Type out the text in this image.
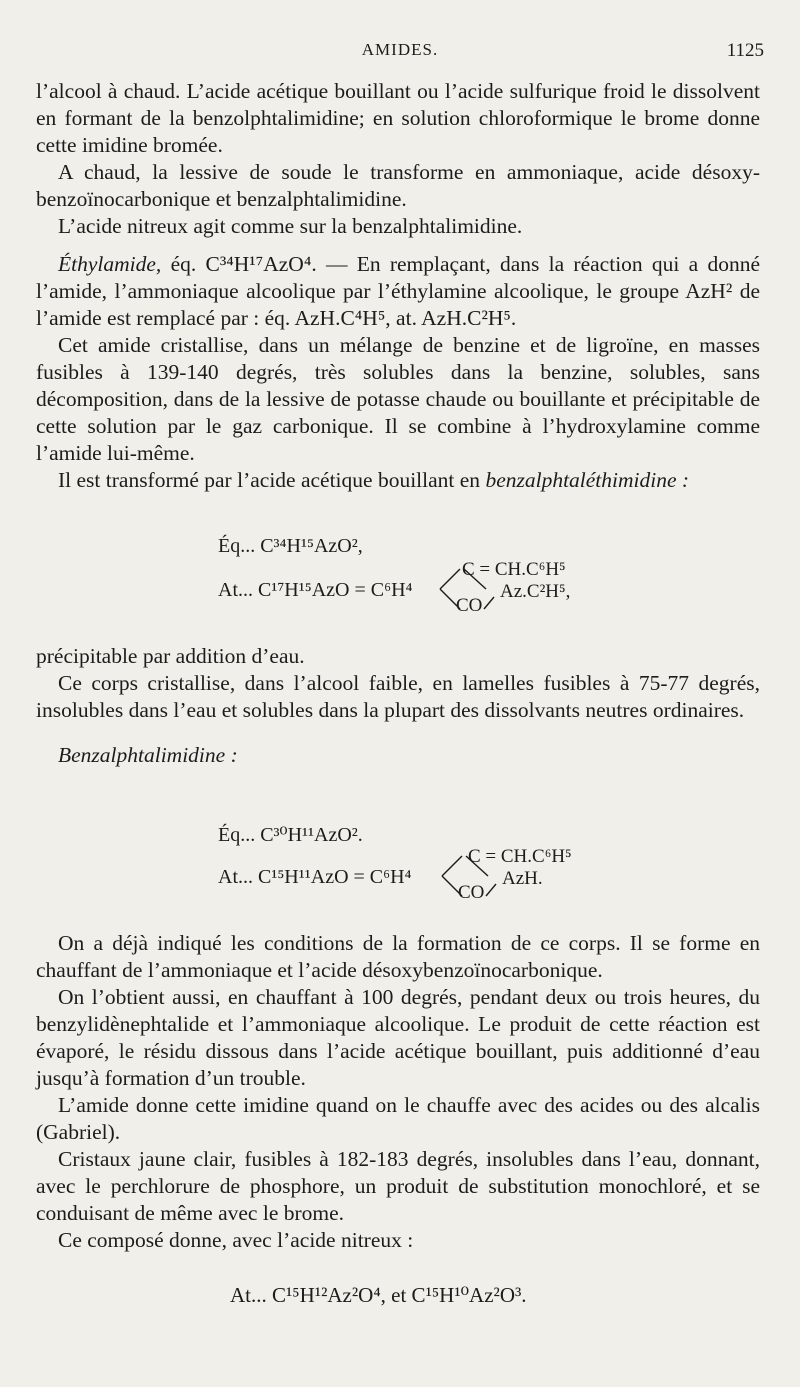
AMIDES.	1125

l’alcool à chaud. L’acide acétique bouillant ou l’acide sulfurique froid le dissolvent en formant de la benzolphtalimidine; en solution chloroformique le brome donne cette imidine bromée.

A chaud, la lessive de soude le transforme en ammoniaque, acide désoxy-benzoïnocarbonique et benzalphtalimidine.

L’acide nitreux agit comme sur la benzalphtalimidine.

Éthylamide, éq. C³⁴H¹⁷AzO⁴. — En remplaçant, dans la réaction qui a donné l’amide, l’ammoniaque alcoolique par l’éthylamine alcoolique, le groupe AzH² de l’amide est remplacé par : éq. AzH.C⁴H⁵, at. AzH.C²H⁵.

Cet amide cristallise, dans un mélange de benzine et de ligroïne, en masses fusibles à 139-140 degrés, très solubles dans la benzine, solubles, sans décomposition, dans de la lessive de potasse chaude ou bouillante et précipitable de cette solution par le gaz carbonique. Il se combine à l’hydroxylamine comme l’amide lui-même.

Il est transformé par l’acide acétique bouillant en benzalphtaléthimidine :

Éq... C³⁴H¹⁵AzO²,
At... C¹⁷H¹⁵AzO = C⁶H⁴
C = CH.C⁶H⁵
CO
Az.C²H⁵,

précipitable par addition d’eau.

Ce corps cristallise, dans l’alcool faible, en lamelles fusibles à 75-77 degrés, insolubles dans l’eau et solubles dans la plupart des dissolvants neutres ordinaires.

Benzalphtalimidine :

Éq... C³⁰H¹¹AzO².
At... C¹⁵H¹¹AzO = C⁶H⁴
C = CH.C⁶H⁵
CO
AzH.

On a déjà indiqué les conditions de la formation de ce corps. Il se forme en chauffant de l’ammoniaque et l’acide désoxybenzoïnocarbonique.

On l’obtient aussi, en chauffant à 100 degrés, pendant deux ou trois heures, du benzylidènephtalide et l’ammoniaque alcoolique. Le produit de cette réaction est évaporé, le résidu dissous dans l’acide acétique bouillant, puis additionné d’eau jusqu’à formation d’un trouble.

L’amide donne cette imidine quand on le chauffe avec des acides ou des alcalis (Gabriel).

Cristaux jaune clair, fusibles à 182-183 degrés, insolubles dans l’eau, donnant, avec le perchlorure de phosphore, un produit de substitution monochloré, et se conduisant de même avec le brome.

Ce composé donne, avec l’acide nitreux :

At... C¹⁵H¹²Az²O⁴, et C¹⁵H¹⁰Az²O³.
